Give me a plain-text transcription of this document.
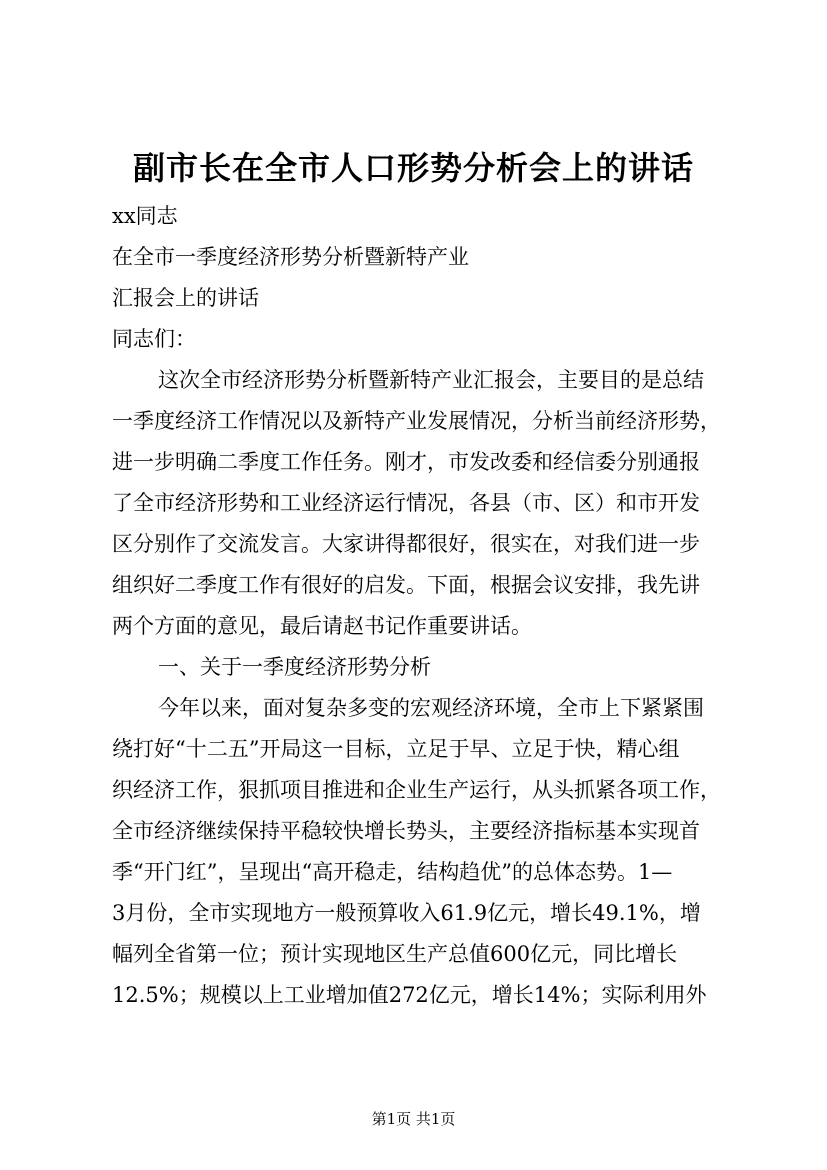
副市长在全市人口形势分析会上的讲话

xx同志

在全市一季度经济形势分析暨新特产业

汇报会上的讲话

同志们：

这次全市经济形势分析暨新特产业汇报会，主要目的是总结

一季度经济工作情况以及新特产业发展情况，分析当前经济形势，

进一步明确二季度工作任务。刚才，市发改委和经信委分别通报

了全市经济形势和工业经济运行情况，各县（市、区）和市开发

区分别作了交流发言。大家讲得都很好，很实在，对我们进一步

组织好二季度工作有很好的启发。下面，根据会议安排，我先讲

两个方面的意见，最后请赵书记作重要讲话。

一、关于一季度经济形势分析

今年以来，面对复杂多变的宏观经济环境，全市上下紧紧围

绕打好“十二五”开局这一目标，立足于早、立足于快，精心组

织经济工作，狠抓项目推进和企业生产运行，从头抓紧各项工作，

全市经济继续保持平稳较快增长势头，主要经济指标基本实现首

季“开门红”，呈现出“高开稳走，结构趋优”的总体态势。1—

3月份，全市实现地方一般预算收入61.9亿元，增长49.1%，增

幅列全省第一位；预计实现地区生产总值600亿元，同比增长

12.5%；规模以上工业增加值272亿元，增长14%；实际利用外

第1页 共1页
